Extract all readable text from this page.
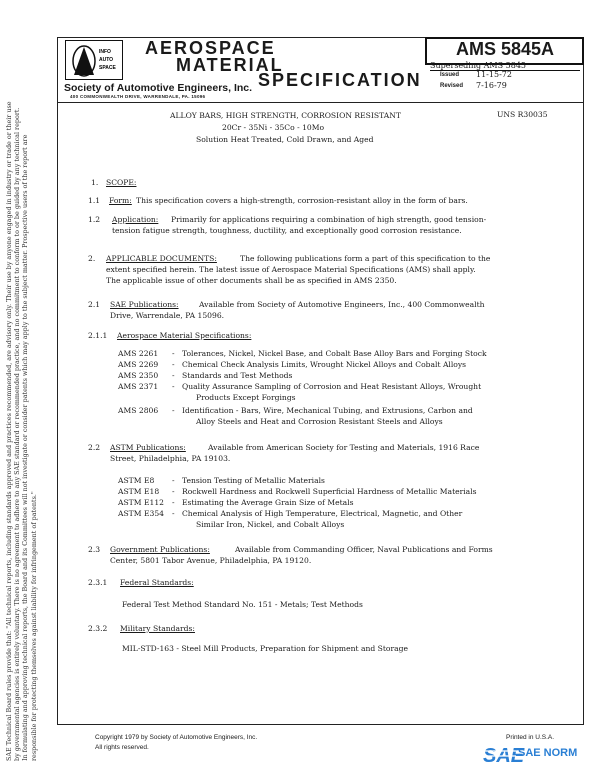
SAE Technical Board rules provide that: "All technical reports, including standards approved and practices recommended, are advisory only. Their use by anyone engaged in industry or trade or their use by governmental agencies is entirely voluntary. There is no agreement to adhere to any SAE standard or recommended practice, and no commitment to conform to or be guided by any technical report. In formulating and approving technical reports, the Board and its Committees will not investigate or consider patents which may apply to the subject matter. Prospective users of the report are responsible for protecting themselves against liability for infringement of patents."
INFO
AUTO
SPACE
AEROSPACE
MATERIAL
SPECIFICATION
Society of Automotive Engineers, Inc.
400 COMMONWEALTH DRIVE, WARRENDALE, PA. 15096
AMS 5845A
Superseding AMS 5845
Issued 11-15-72
Revised 7-16-79
ALLOY BARS, HIGH STRENGTH, CORROSION RESISTANT	UNS R30035
20Cr - 35Ni - 35Co - 10Mo
Solution Heat Treated, Cold Drawn, and Aged
1. SCOPE:
1.1 Form: This specification covers a high-strength, corrosion-resistant alloy in the form of bars.
1.2 Application: Primarily for applications requiring a combination of high strength, good tension-
tension fatigue strength, toughness, ductility, and exceptionally good corrosion resistance.
2. APPLICABLE DOCUMENTS:	The following publications form a part of this specification to the
extent specified herein. The latest issue of Aerospace Material Specifications (AMS) shall apply.
The applicable issue of other documents shall be as specified in AMS 2350.
2.1 SAE Publications:	Available from Society of Automotive Engineers, Inc., 400 Commonwealth
Drive, Warrendale, PA 15096.
2.1.1 Aerospace Material Specifications:
AMS 2261	- Tolerances, Nickel, Nickel Base, and Cobalt Base Alloy Bars and Forging Stock
AMS 2269	- Chemical Check Analysis Limits, Wrought Nickel Alloys and Cobalt Alloys
AMS 2350	- Standards and Test Methods
AMS 2371	- Quality Assurance Sampling of Corrosion and Heat Resistant Alloys, Wrought
Products Except Forgings
AMS 2806	- Identification - Bars, Wire, Mechanical Tubing, and Extrusions, Carbon and
Alloy Steels and Heat and Corrosion Resistant Steels and Alloys
2.2 ASTM Publications:	Available from American Society for Testing and Materials, 1916 Race
Street, Philadelphia, PA 19103.
ASTM E8	- Tension Testing of Metallic Materials
ASTM E18	- Rockwell Hardness and Rockwell Superficial Hardness of Metallic Materials
ASTM E112	- Estimating the Average Grain Size of Metals
ASTM E354	- Chemical Analysis of High Temperature, Electrical, Magnetic, and Other
Similar Iron, Nickel, and Cobalt Alloys
2.3 Government Publications:	Available from Commanding Officer, Naval Publications and Forms
Center, 5801 Tabor Avenue, Philadelphia, PA 19120.
2.3.1 Federal Standards:
Federal Test Method Standard No. 151 - Metals; Test Methods
2.3.2 Military Standards:
MIL-STD-163 - Steel Mill Products, Preparation for Shipment and Storage
Copyright 1979 by Society of Automotive Engineers, Inc.
All rights reserved.
Printed in U.S.A.
SAE
SAE NORM
